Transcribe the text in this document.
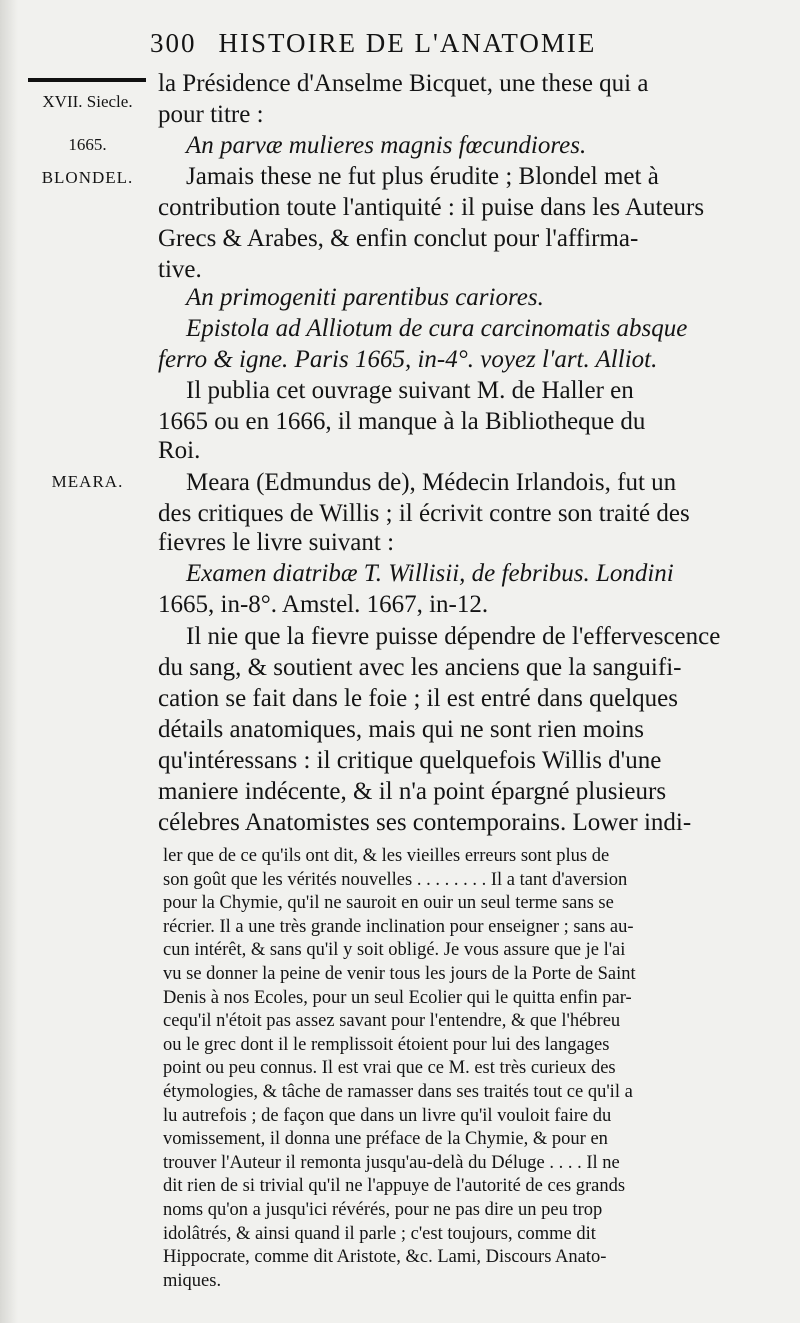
300 HISTOIRE DE L'ANATOMIE
XVII. Siecle.
1665.
BLONDEL.
MEARA.
la Présidence d'Anselme Bicquet, une these qui a
pour titre :
An parvæ mulieres magnis fœcundiores.
Jamais these ne fut plus érudite ; Blondel met à
contribution toute l'antiquité : il puise dans les Auteurs
Grecs & Arabes, & enfin conclut pour l'affirma-
tive.
An primogeniti parentibus cariores.
Epistola ad Alliotum de cura carcinomatis absque
ferro & igne. Paris 1665, in-4°. voyez l'art. Alliot.
Il publia cet ouvrage suivant M. de Haller en
1665 ou en 1666, il manque à la Bibliotheque du
Roi.
Meara (Edmundus de), Médecin Irlandois, fut un
des critiques de Willis ; il écrivit contre son traité des
fievres le livre suivant :
Examen diatribæ T. Willisii, de febribus. Londini
1665, in-8°. Amstel. 1667, in-12.
Il nie que la fievre puisse dépendre de l'effervescence
du sang, & soutient avec les anciens que la sanguifi-
cation se fait dans le foie ; il est entré dans quelques
détails anatomiques, mais qui ne sont rien moins
qu'intéressans : il critique quelquefois Willis d'une
maniere indécente, & il n'a point épargné plusieurs
célebres Anatomistes ses contemporains. Lower indi-
ler que de ce qu'ils ont dit, & les vieilles erreurs sont plus de
son goût que les vérités nouvelles . . . . . . . . Il a tant d'aversion
pour la Chymie, qu'il ne sauroit en ouir un seul terme sans se
récrier. Il a une très grande inclination pour enseigner ; sans au-
cun intérêt, & sans qu'il y soit obligé. Je vous assure que je l'ai
vu se donner la peine de venir tous les jours de la Porte de Saint
Denis à nos Ecoles, pour un seul Ecolier qui le quitta enfin par-
cequ'il n'étoit pas assez savant pour l'entendre, & que l'hébreu
ou le grec dont il le remplissoit étoient pour lui des langages
point ou peu connus. Il est vrai que ce M. est très curieux des
étymologies, & tâche de ramasser dans ses traités tout ce qu'il a
lu autrefois ; de façon que dans un livre qu'il vouloit faire du
vomissement, il donna une préface de la Chymie, & pour en
trouver l'Auteur il remonta jusqu'au-delà du Déluge . . . . Il ne
dit rien de si trivial qu'il ne l'appuye de l'autorité de ces grands
noms qu'on a jusqu'ici révérés, pour ne pas dire un peu trop
idolâtrés, & ainsi quand il parle ; c'est toujours, comme dit
Hippocrate, comme dit Aristote, &c. Lami, Discours Anato-
miques.
